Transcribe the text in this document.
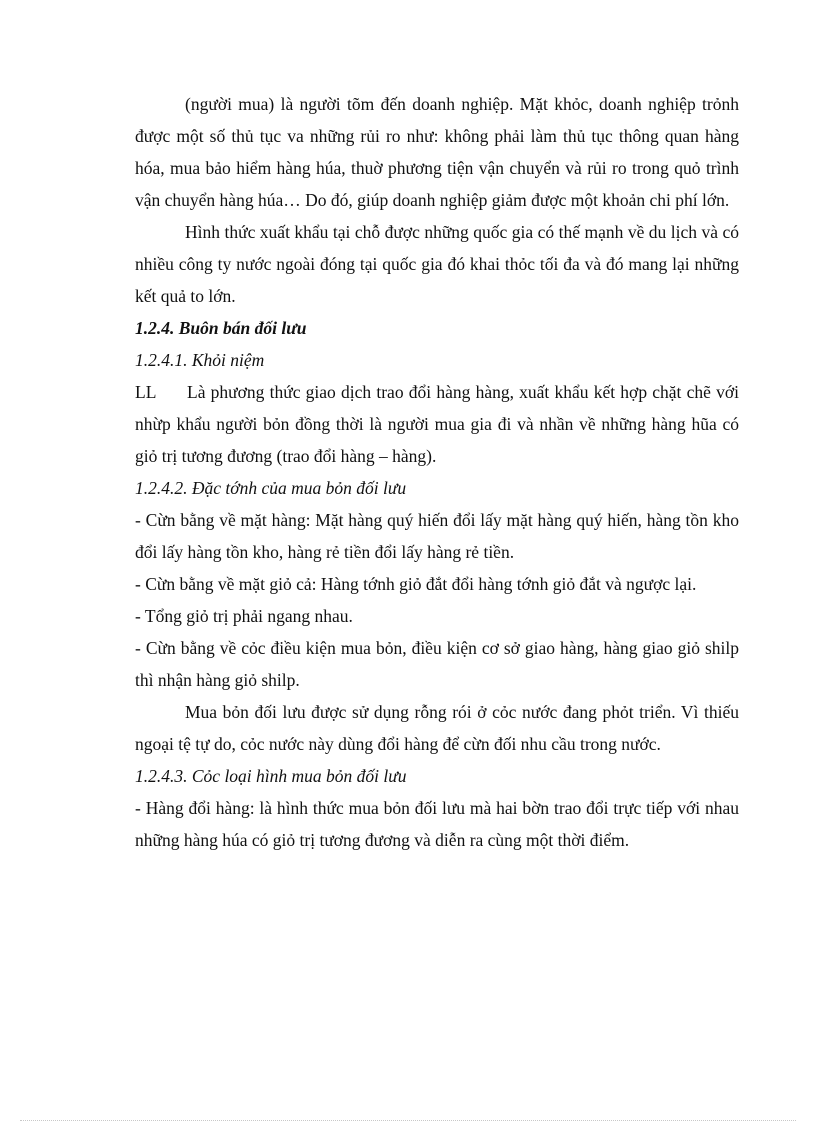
(người mua) là người tõm đến doanh nghiệp. Mặt khỏc, doanh nghiệp trỏnh được một số thủ tục va những rủi ro như: không phải làm thủ tục thông quan hàng hóa, mua bảo hiểm hàng húa, thuờ phương tiện vận chuyển và rủi ro trong quỏ trình vận chuyển hàng húa… Do đó, giúp doanh nghiệp giảm được một khoản chi phí lớn.

Hình thức xuất khẩu tại chỗ được những quốc gia có thế mạnh về du lịch và có nhiều công ty nước ngoài đóng tại quốc gia đó khai thỏc tối đa và đó mang lại những kết quả to lớn.

1.2.4. Buôn bán đối lưu

1.2.4.1. Khỏi niệm

LL Là phương thức giao dịch trao đổi hàng hàng, xuất khẩu kết hợp chặt chẽ với nhừp khẩu người bỏn đồng thời là người mua gia đi và nhần về những hàng hũa có giỏ trị tương đương (trao đổi hàng – hàng).

1.2.4.2. Đặc tớnh của mua bỏn đối lưu

- Cừn bằng về mặt hàng: Mặt hàng quý hiến đổi lấy mặt hàng quý hiến, hàng tồn kho đổi lấy hàng tồn kho, hàng rẻ tiền đổi lấy hàng rẻ tiền.

- Cừn bằng về mặt giỏ cả: Hàng tớnh giỏ đắt đổi hàng tớnh giỏ đắt và ngược lại.

- Tổng giỏ trị phải ngang nhau.

- Cừn bằng về cỏc điều kiện mua bỏn, điều kiện cơ sở giao hàng, hàng giao giỏ shilp thì nhận hàng giỏ shilp.

Mua bỏn đối lưu được sử dụng rỗng rói ở cỏc nước đang phỏt triển. Vì thiếu ngoại tệ tự do, cỏc nước này dùng đổi hàng để cừn đối nhu cầu trong nước.

1.2.4.3. Cỏc loại hình mua bỏn đối lưu

- Hàng đổi hàng: là hình thức mua bỏn đối lưu mà hai bờn trao đổi trực tiếp với nhau những hàng húa có giỏ trị tương đương và diễn ra cùng một thời điểm.
